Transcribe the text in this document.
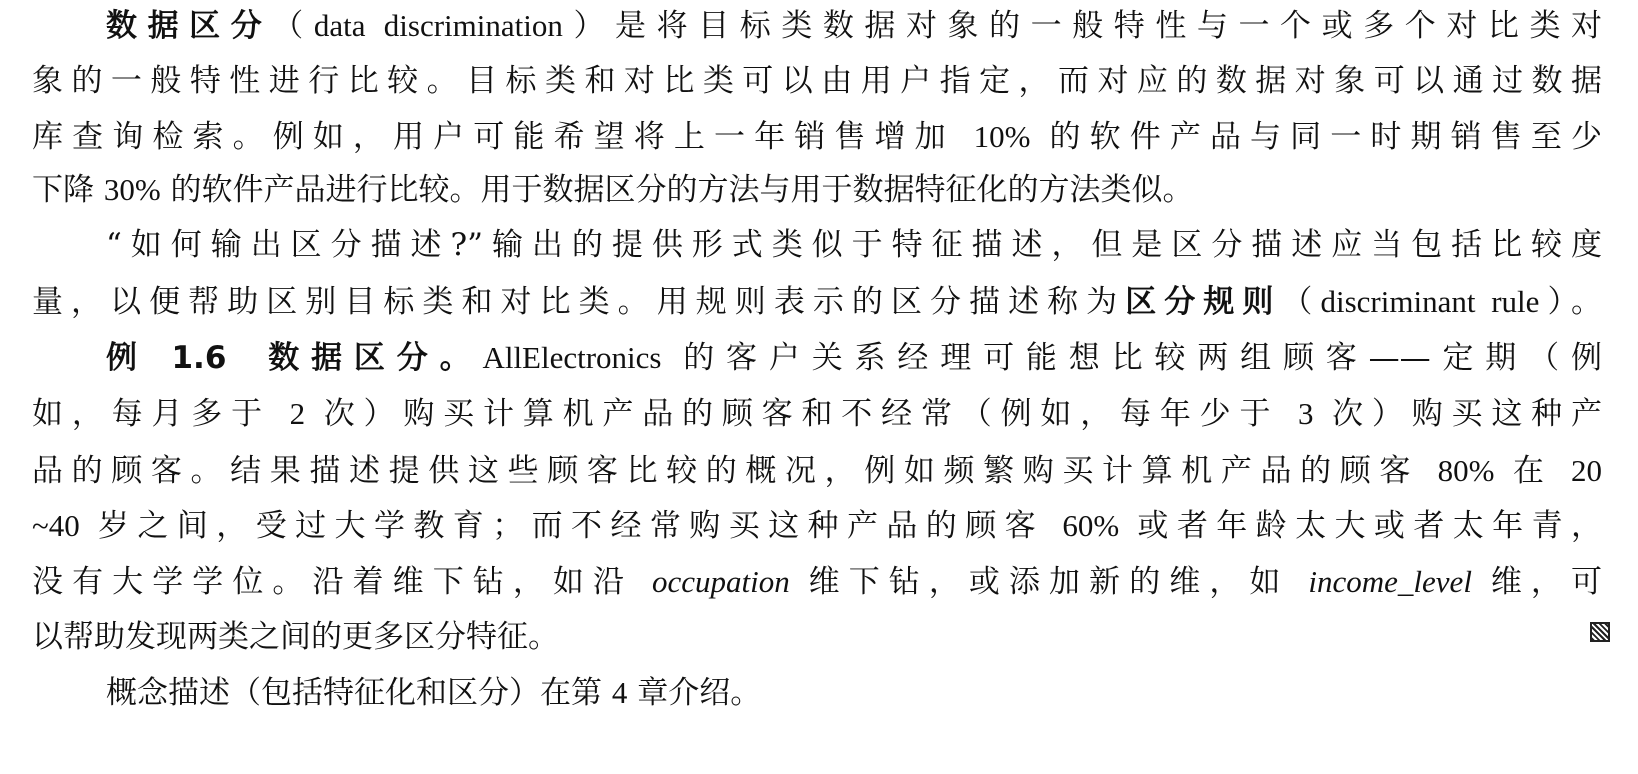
数据区分（data discrimination）是将目标类数据对象的一般特性与一个或多个对比类对
象的一般特性进行比较。目标类和对比类可以由用户指定，而对应的数据对象可以通过数据
库查询检索。例如，用户可能希望将上一年销售增加 10% 的软件产品与同一时期销售至少
下降 30% 的软件产品进行比较。用于数据区分的方法与用于数据特征化的方法类似。
“如何输出区分描述?”输出的提供形式类似于特征描述，但是区分描述应当包括比较度
量，以便帮助区别目标类和对比类。用规则表示的区分描述称为区分规则（discriminant rule）。
例 1.6 数据区分。AllElectronics 的客户关系经理可能想比较两组顾客——定期（例
如，每月多于 2 次）购买计算机产品的顾客和不经常（例如，每年少于 3 次）购买这种产
品的顾客。结果描述提供这些顾客比较的概况，例如频繁购买计算机产品的顾客 80% 在 20
~40 岁之间，受过大学教育；而不经常购买这种产品的顾客 60% 或者年龄太大或者太年青，
没有大学学位。沿着维下钻，如沿 occupation 维下钻，或添加新的维，如 income_level 维，可
以帮助发现两类之间的更多区分特征。
概念描述（包括特征化和区分）在第 4 章介绍。
